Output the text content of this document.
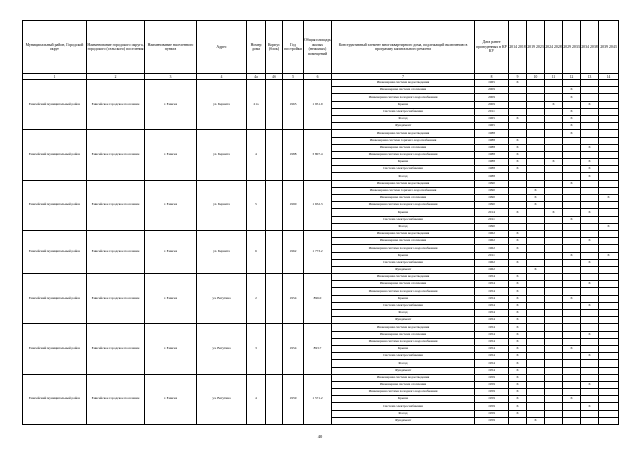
Муниципальный район, Городской округ	Наименование городского округа, городского (сельского) поселения	Наименование населенного пункта	Адрес	Номер дома	Корпус (блок)	Год постройки	Общая площадь жилых (нежилых) помещений	Конструктивный элемент многоквартирного дома, подлежащий включению в программу капитального ремонта	Дата ранее проведенных в КР КУ	2014 2018	2019 2023	2024 2028	2029 2033	2034 2038	2039 2043
1	2	3	4	4а	4б	5	6	7	8	9	10	11	12	13	14
Енисейский муниципальный район	Енисейское городское поселение	г. Енисея	ул. Бернита	21а		1965	1 951.9	Инженерная система водоотведения	1965	X					
								Инженерная система отопления	2009				X		
								Инженерная система холодного водоснабжения	2009				X		
								Крыша	2009			X		X	
								Система электроснабжения	2011				X		
								Фасад	1965	X			X		
								Фундамент	1965				X		
Енисейский муниципальный район	Енисейское городское поселение	г. Енисея	ул. Бернита	4		1988	3 807.4	Инженерная система водоотведения	1988				X		
								Инженерная система горячего водоснабжения	1988	X					
								Инженерная система отопления	1988	X				X	
								Инженерная система холодного водоснабжения	1988	X					
								Крыша	1988	X		X		X	
								Система электроснабжения	1988	X				X	
								Фасад	1988					X	
Енисейский муниципальный район	Енисейское городское поселение	г. Енисея	ул. Бернита	5		1990	1 652.3	Инженерная система водоотведения	1990				X		
								Инженерная система горячего водоснабжения	1990		X				
								Инженерная система отопления	1990		X				X
								Инженерная система холодного водоснабжения	1990		X				
								Крыша	2014	X		X		X	
								Система электроснабжения	2011				X		
								Фасад	1990						X
Енисейский муниципальный район	Енисейское городское поселение	г. Енисея	ул. Бернита	6		1962	1 773.2	Инженерная система водоотведения	1962	X					
								Инженерная система отопления	1962	X				X	
								Инженерная система холодного водоснабжения	1962	X					
								Крыша	2011				X		X
								Система электроснабжения	1962	X				X	
								Фундамент	1962		X				
Енисейский муниципальный район	Енисейское городское поселение	г. Енисея	ул. Ватутина	2		1954	896.0	Инженерная система водоотведения	1954	X					
								Инженерная система отопления	1954	X				X	
								Инженерная система холодного водоснабжения	1954	X					
								Крыша	1954	X			X		
								Система электроснабжения	1954	X				X	
								Фасад	1954	X					
								Фундамент	1954	X					
Енисейский муниципальный район	Енисейское городское поселение	г. Енисея	ул. Ватутина	3		1954	893.7	Инженерная система водоотведения	1954	X					
								Инженерная система отопления	1954	X				X	
								Инженерная система холодного водоснабжения	1954	X					
								Крыша	1954	X			X		
								Система электроснабжения	1954	X				X	
								Фасад	1954	X					
								Фундамент	1954	X					
Енисейский муниципальный район	Енисейское городское поселение	г. Енисея	ул. Ватутина	4		1959	1 571.2	Инженерная система водоотведения	1959	X					
								Инженерная система отопления	1959	X				X	
								Инженерная система холодного водоснабжения	1959	X					
								Крыша	1959	X			X		
								Система электроснабжения	1959	X				X	
								Фасад	1959	X					
								Фундамент	1959		X				
40
